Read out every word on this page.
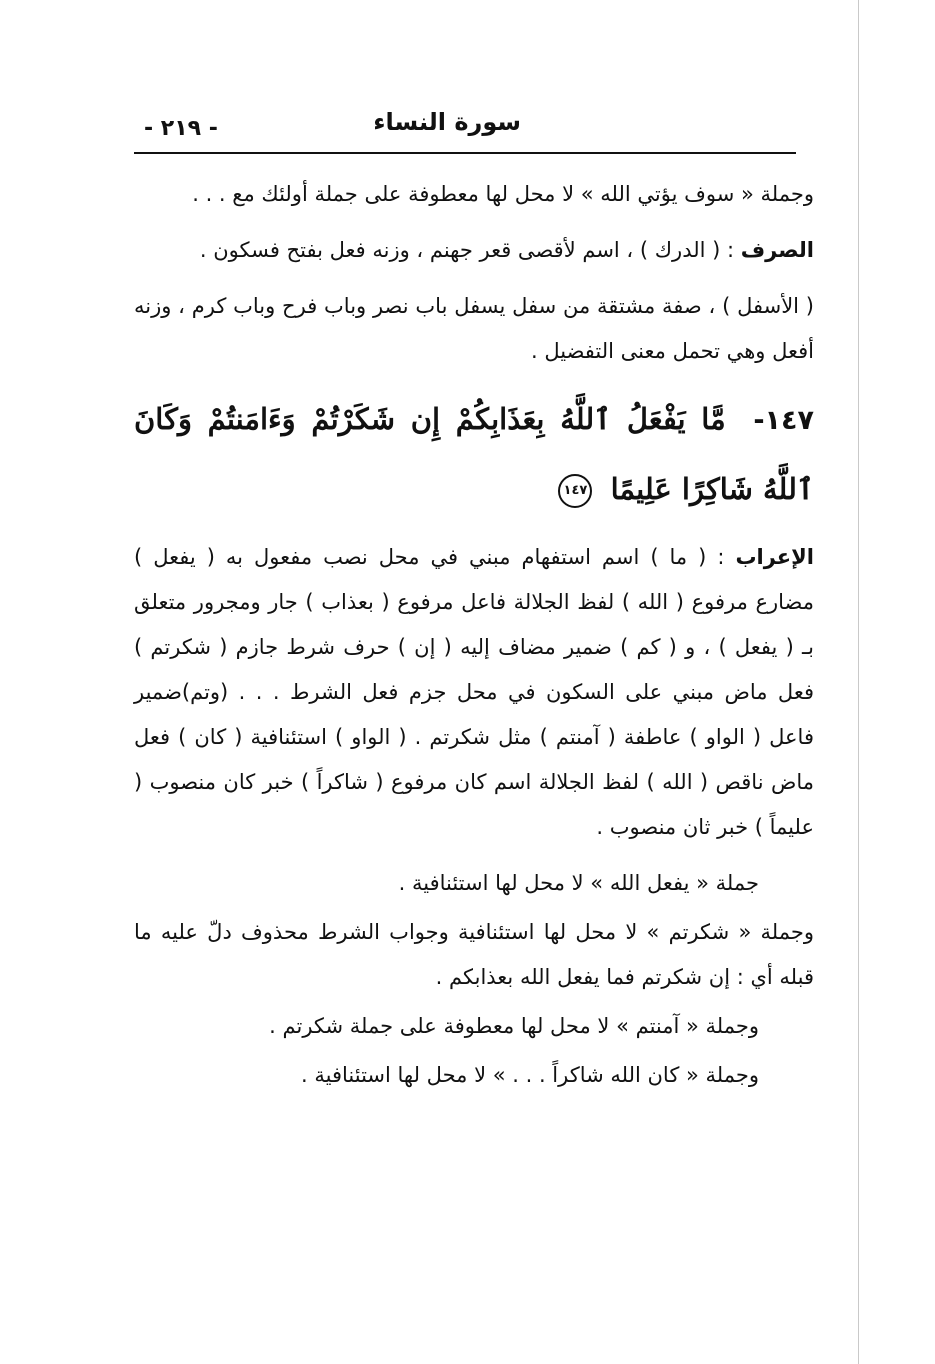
سورة النساء
- ٢١٩ -

وجملة « سوف يؤتي الله » لا محل لها معطوفة على جملة أولئك مع . . .

الصرف : ( الدرك ) ، اسم لأقصى قعر جهنم ، وزنه فعل بفتح فسكون .

( الأسفل ) ، صفة مشتقة من سفل يسفل باب نصر وباب فرح وباب كرم ، وزنه أفعل وهي تحمل معنى التفضيل .

١٤٧- مَّا يَفْعَلُ ٱللَّهُ بِعَذَابِكُمْ إِن شَكَرْتُمْ وَءَامَنتُمْ وَكَانَ ٱللَّهُ شَاكِرًا عَلِيمًا ١٤٧

الإعراب : ( ما ) اسم استفهام مبني في محل نصب مفعول به ( يفعل ) مضارع مرفوع ( الله ) لفظ الجلالة فاعل مرفوع ( بعذاب ) جار ومجرور متعلق بـ ( يفعل ) ، و ( كم ) ضمير مضاف إليه ( إن ) حرف شرط جازم ( شكرتم ) فعل ماض مبني على السكون في محل جزم فعل الشرط . . . (وتم)ضمير فاعل ( الواو ) عاطفة ( آمنتم ) مثل شكرتم . ( الواو ) استئنافية ( كان ) فعل ماض ناقص ( الله ) لفظ الجلالة اسم كان مرفوع ( شاكراً ) خبر كان منصوب ( عليماً ) خبر ثان منصوب .

جملة « يفعل الله » لا محل لها استئنافية .

وجملة « شكرتم » لا محل لها استئنافية وجواب الشرط محذوف دلّ عليه ما قبله أي : إن شكرتم فما يفعل الله بعذابكم .

وجملة « آمنتم » لا محل لها معطوفة على جملة شكرتم .

وجملة « كان الله شاكراً . . . » لا محل لها استئنافية .
